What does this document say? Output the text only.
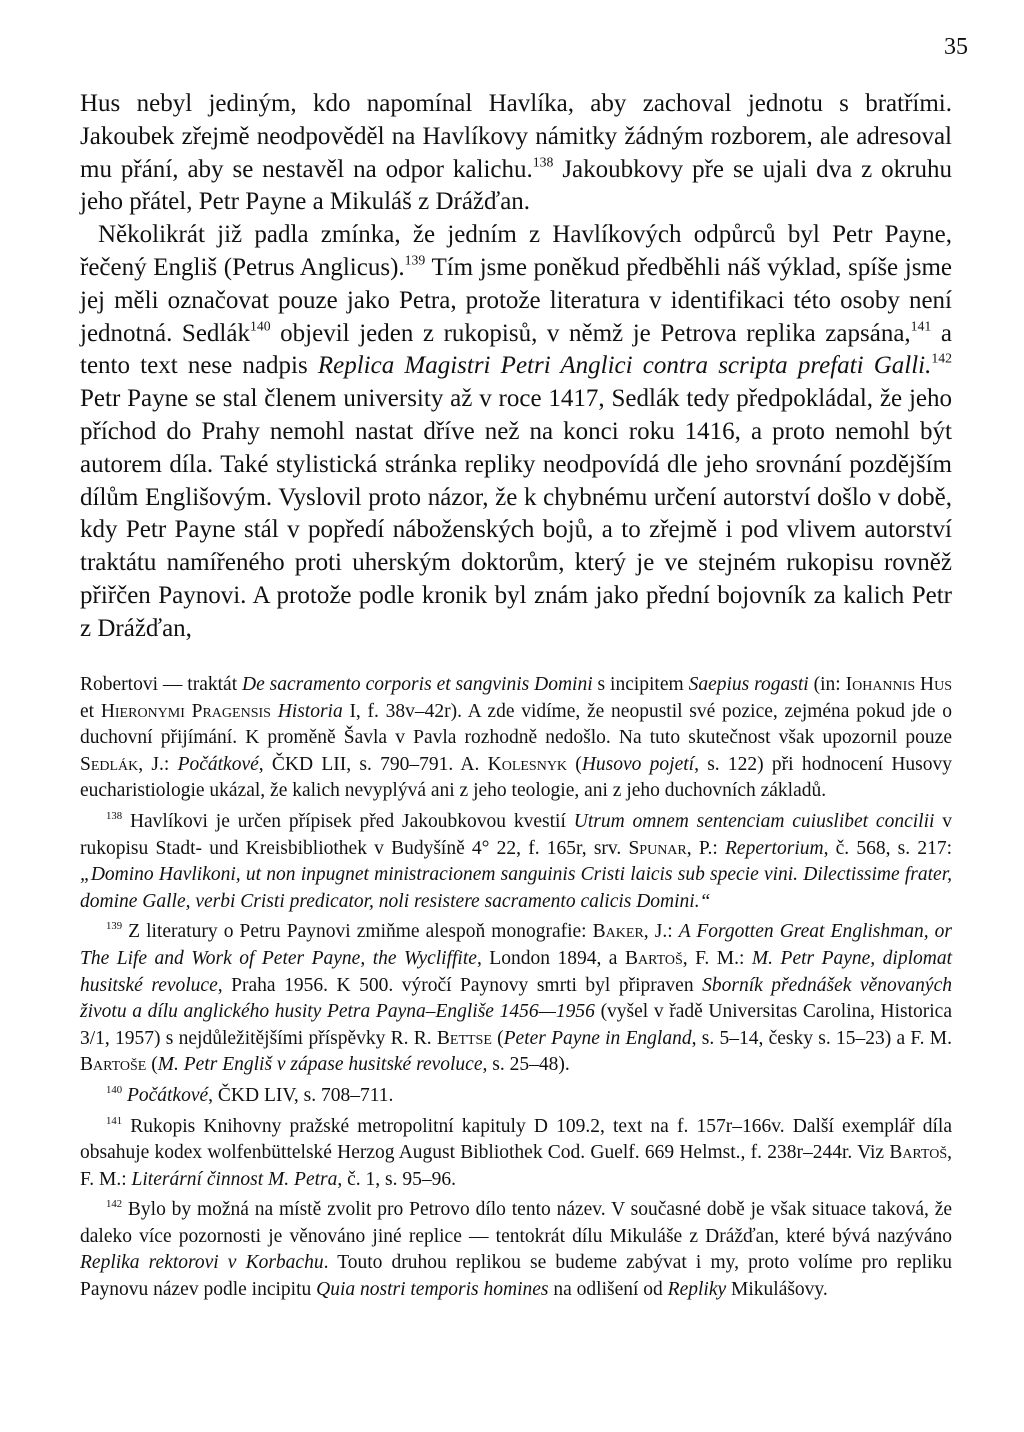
35

Hus nebyl jediným, kdo napomínal Havlíka, aby zachoval jednotu s bratřími. Jakoubek zřejmě neodpověděl na Havlíkovy námitky žádným rozborem, ale adresoval mu přání, aby se nestavěl na odpor kalichu.$^{138}$ Jakoubkovy pře se ujali dva z okruhu jeho přátel, Petr Payne a Mikuláš z Drážďan.

Několikrát již padla zmínka, že jedním z Havlíkových odpůrců byl Petr Payne, řečený Engliš (Petrus Anglicus).$^{139}$ Tím jsme poněkud předběhli náš výklad, spíše jsme jej měli označovat pouze jako Petra, protože literatura v identifikaci této osoby není jednotná. Sedlák$^{140}$ objevil jeden z rukopisů, v němž je Petrova replika zapsána,$^{141}$ a tento text nese nadpis Replica Magistri Petri Anglici contra scripta prefati Galli.$^{142}$ Petr Payne se stal členem university až v roce 1417, Sedlák tedy předpokládal, že jeho příchod do Prahy nemohl nastat dříve než na konci roku 1416, a proto nemohl být autorem díla. Také stylistická stránka repliky neodpovídá dle jeho srovnání pozdějším dílům Englišovým. Vyslovil proto názor, že k chybnému určení autorství došlo v době, kdy Petr Payne stál v popředí náboženských bojů, a to zřejmě i pod vlivem autorství traktátu namířeného proti uherským doktorům, který je ve stejném rukopisu rovněž přiřčen Paynovi. A protože podle kronik byl znám jako přední bojovník za kalich Petr z Drážďan,

Robertovi — traktát De sacramento corporis et sangvinis Domini s incipitem Saepius rogasti (in: Iohannis Hus et Hieronymi Pragensis Historia I, f. 38v–42r). A zde vidíme, že neopustil své pozice, zejména pokud jde o duchovní přijímání. K proměně Šavla v Pavla rozhodně nedošlo. Na tuto skutečnost však upozornil pouze Sedlák, J.: Počátkové, ČKD LII, s. 790–791. A. Kolesnyk (Husovo pojetí, s. 122) při hodnocení Husovy eucharistiologie ukázal, že kalich nevyplývá ani z jeho teologie, ani z jeho duchovních základů.

$^{138}$ Havlíkovi je určen přípisek před Jakoubkovou kvestií Utrum omnem sentenciam cuiuslibet concilii v rukopisu Stadt- und Kreisbibliothek v Budyšíně 4° 22, f. 165r, srv. Spunar, P.: Repertorium, č. 568, s. 217: „Domino Havlikoni, ut non inpugnet ministracionem sanguinis Cristi laicis sub specie vini. Dilectissime frater, domine Galle, verbi Cristi predicator, noli resistere sacramento calicis Domini.“

$^{139}$ Z literatury o Petru Paynovi zmiňme alespoň monografie: Baker, J.: A Forgotten Great Englishman, or The Life and Work of Peter Payne, the Wycliffite, London 1894, a Bartoš, F. M.: M. Petr Payne, diplomat husitské revoluce, Praha 1956. K 500. výročí Paynovy smrti byl připraven Sborník přednášek věnovaných životu a dílu anglického husity Petra Payna–Engliše 1456—1956 (vyšel v řadě Universitas Carolina, Historica 3/1, 1957) s nejdůležitějšími příspěvky R. R. Bettse (Peter Payne in England, s. 5–14, česky s. 15–23) a F. M. Bartoše (M. Petr Engliš v zápase husitské revoluce, s. 25–48).

$^{140}$ Počátkové, ČKD LIV, s. 708–711.

$^{141}$ Rukopis Knihovny pražské metropolitní kapituly D 109.2, text na f. 157r–166v. Další exemplář díla obsahuje kodex wolfenbüttelské Herzog August Bibliothek Cod. Guelf. 669 Helmst., f. 238r–244r. Viz Bartoš, F. M.: Literární činnost M. Petra, č. 1, s. 95–96.

$^{142}$ Bylo by možná na místě zvolit pro Petrovo dílo tento název. V současné době je však situace taková, že daleko více pozornosti je věnováno jiné replice — tentokrát dílu Mikuláše z Drážďan, které bývá nazýváno Replika rektorovi v Korbachu. Touto druhou replikou se budeme zabývat i my, proto volíme pro repliku Paynovu název podle incipitu Quia nostri temporis homines na odlišení od Repliky Mikulášovy.
